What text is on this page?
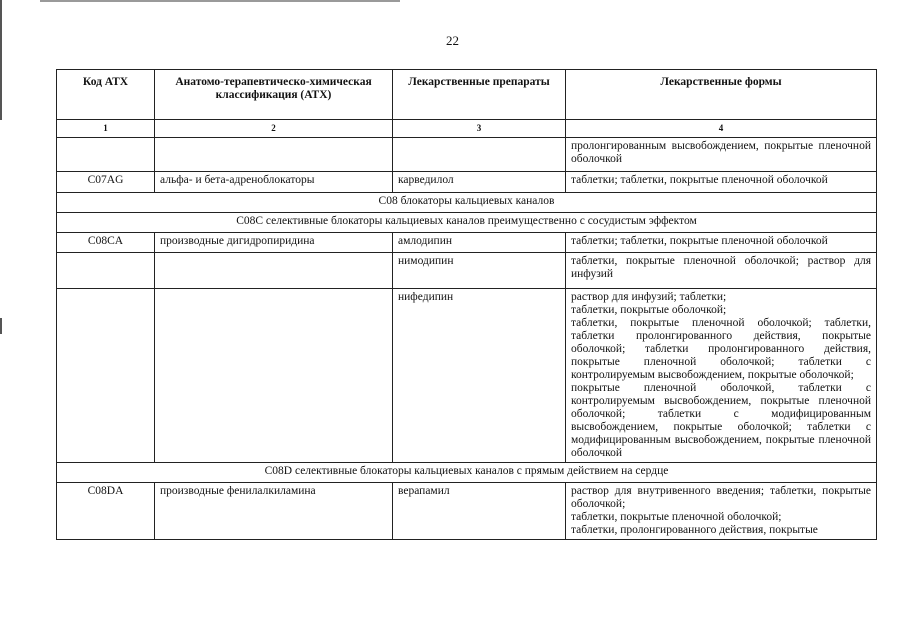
22
Код АТХ	Анатомо-терапевтическо-химическая классификация (АТХ)	Лекарственные препараты	Лекарственные формы
1	2	3	4
			пролонгированным высвобождением, покрытые пленочной оболочкой
C07AG	альфа- и бета-адреноблокаторы	карведилол	таблетки; таблетки, покрытые пленочной оболочкой
C08 блокаторы кальциевых каналов			
C08C селективные блокаторы кальциевых каналов преимущественно с сосудистым эффектом			
C08CA	производные дигидропиридина	амлодипин	таблетки; таблетки, покрытые пленочной оболочкой
		нимодипин	таблетки, покрытые пленочной оболочкой; раствор для инфузий
		нифедипин	раствор для инфузий; таблетки;
таблетки, покрытые оболочкой;
таблетки, покрытые пленочной оболочкой; таблетки, таблетки пролонгированного действия, покрытые оболочкой; таблетки пролонгированного действия, покрытые пленочной оболочкой; таблетки с контролируемым высвобождением, покрытые оболочкой;
покрытые пленочной оболочкой, таблетки с контролируемым высвобождением, покрытые пленочной оболочкой; таблетки с модифицированным высвобождением, покрытые оболочкой; таблетки с модифицированным высвобождением, покрытые пленочной оболочкой

C08D селективные блокаторы кальциевых каналов с прямым действием на сердце			
C08DA	производные фенилалкиламина	верапамил	раствор для внутривенного введения; таблетки, покрытые оболочкой;
таблетки, покрытые пленочной оболочкой;
таблетки, пролонгированного действия, покрытые
